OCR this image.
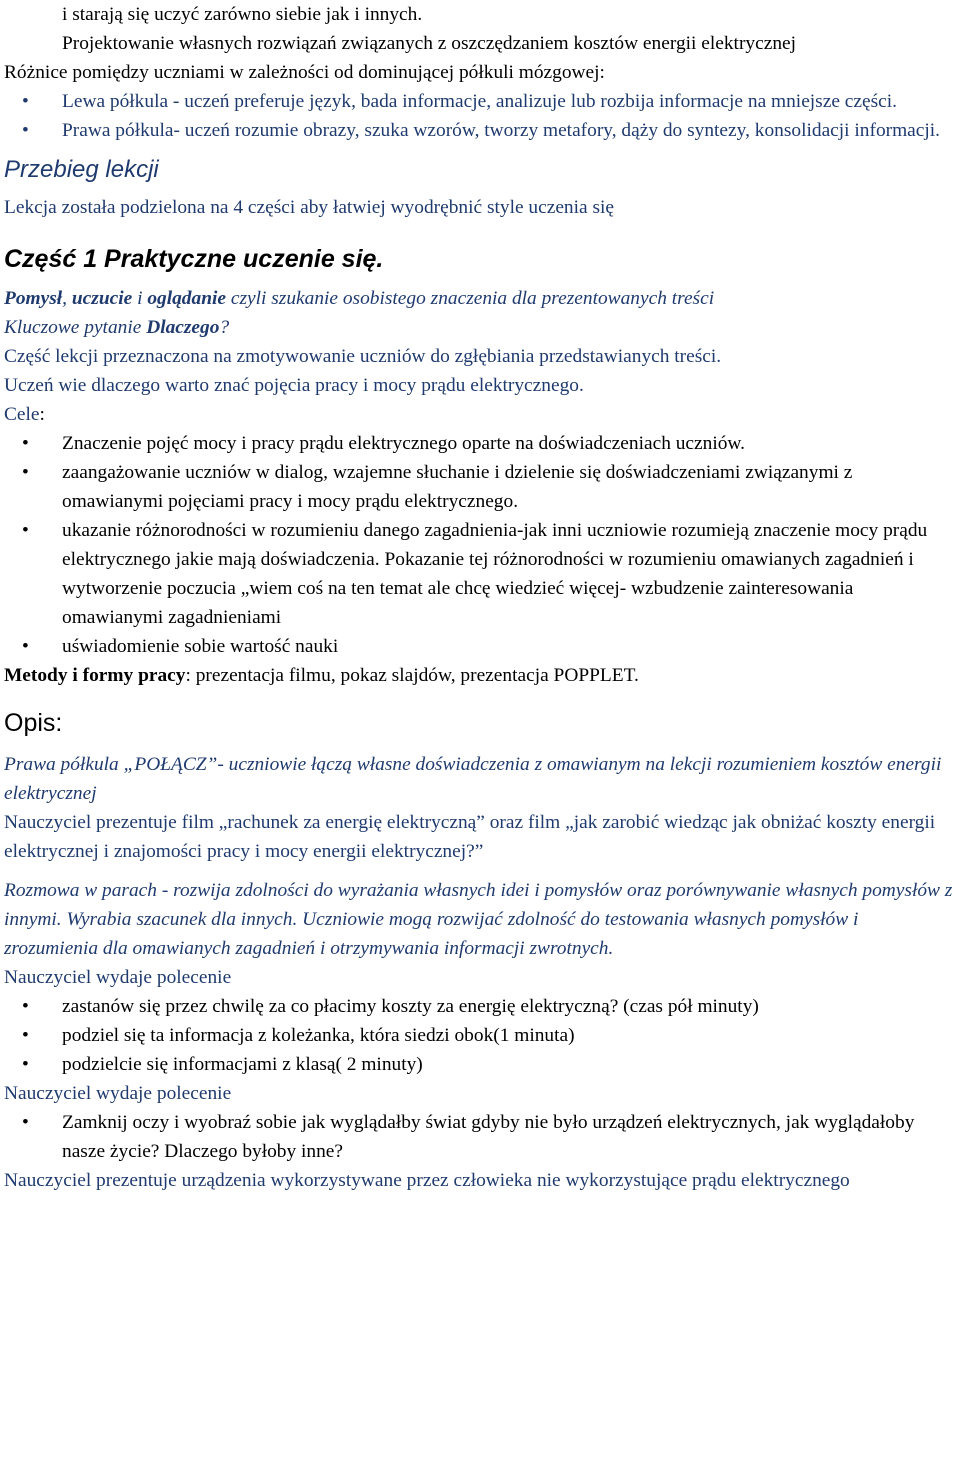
i starają się uczyć zarówno siebie jak i innych.

Projektowanie własnych rozwiązań związanych z oszczędzaniem kosztów energii elektrycznej

Różnice pomiędzy uczniami w zależności od dominującej półkuli mózgowej:

• Lewa półkula - uczeń preferuje język, bada informacje, analizuje lub rozbija informacje na mniejsze części.
• Prawa półkula- uczeń rozumie obrazy, szuka wzorów, tworzy metafory, dąży do syntezy, konsolidacji informacji.

Przebieg lekcji

Lekcja została podzielona na 4 części aby łatwiej wyodrębnić style uczenia się

Część 1 Praktyczne uczenie się.

Pomysł, uczucie i oglądanie czyli szukanie osobistego znaczenia dla prezentowanych treści

Kluczowe pytanie Dlaczego?

Część lekcji przeznaczona na zmotywowanie uczniów do zgłębiania przedstawianych treści.

Uczeń wie dlaczego warto znać pojęcia pracy i mocy prądu elektrycznego.

Cele:

• Znaczenie pojęć mocy i pracy prądu elektrycznego oparte na doświadczeniach uczniów.
• zaangażowanie uczniów w dialog, wzajemne słuchanie i dzielenie się doświadczeniami związanymi z omawianymi pojęciami pracy i mocy prądu elektrycznego.
• ukazanie różnorodności w rozumieniu danego zagadnienia-jak inni uczniowie rozumieją znaczenie mocy prądu elektrycznego jakie mają doświadczenia. Pokazanie tej różnorodności w rozumieniu omawianych zagadnień i wytworzenie poczucia „wiem coś na ten temat ale chcę wiedzieć więcej- wzbudzenie zainteresowania omawianymi zagadnieniami
• uświadomienie sobie wartość nauki

Metody i formy pracy: prezentacja filmu, pokaz slajdów, prezentacja POPPLET.

Opis:

Prawa półkula „POŁĄCZ”- uczniowie łączą własne doświadczenia z omawianym na lekcji rozumieniem kosztów energii elektrycznej

Nauczyciel prezentuje film „rachunek za energię elektryczną” oraz film „jak zarobić wiedząc jak obniżać koszty energii elektrycznej i znajomości pracy i mocy energii elektrycznej?”

Rozmowa w parach - rozwija zdolności do wyrażania własnych idei i pomysłów oraz porównywanie własnych pomysłów z innymi. Wyrabia szacunek dla innych. Uczniowie mogą rozwijać zdolność do testowania własnych pomysłów i zrozumienia dla omawianych zagadnień i otrzymywania informacji zwrotnych.

Nauczyciel wydaje polecenie

• zastanów się przez chwilę za co płacimy koszty za energię elektryczną? (czas pół minuty)
• podziel się ta informacja z koleżanka, która siedzi obok(1 minuta)
• podzielcie się informacjami z klasą( 2 minuty)

Nauczyciel wydaje polecenie

• Zamknij oczy i wyobraź sobie jak wyglądałby świat gdyby nie było urządzeń elektrycznych, jak wyglądałoby nasze życie? Dlaczego byłoby inne?

Nauczyciel prezentuje urządzenia wykorzystywane przez człowieka nie wykorzystujące prądu elektrycznego
